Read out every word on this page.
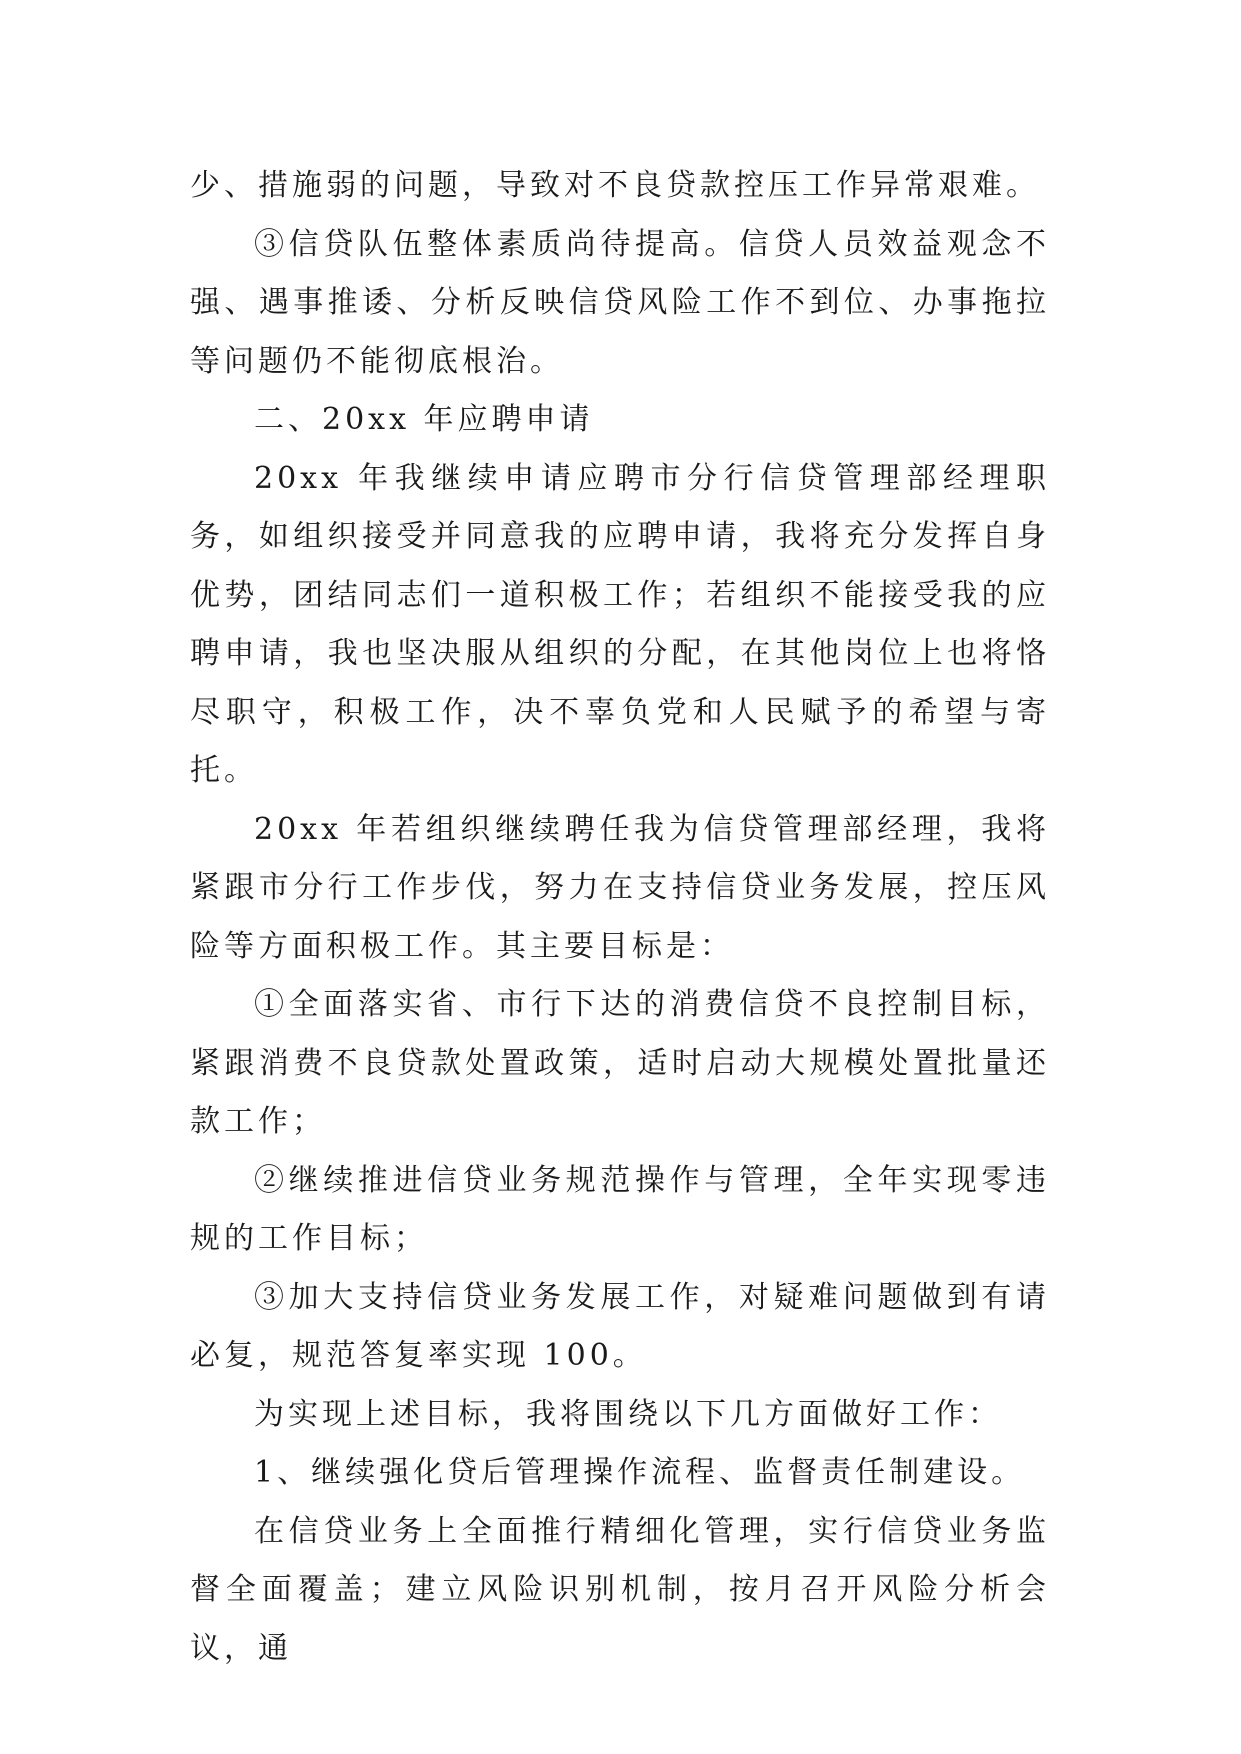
少、措施弱的问题，导致对不良贷款控压工作异常艰难。

③信贷队伍整体素质尚待提高。信贷人员效益观念不强、遇事推诿、分析反映信贷风险工作不到位、办事拖拉等问题仍不能彻底根治。

二、20xx 年应聘申请

20xx 年我继续申请应聘市分行信贷管理部经理职务，如组织接受并同意我的应聘申请，我将充分发挥自身优势，团结同志们一道积极工作；若组织不能接受我的应聘申请，我也坚决服从组织的分配，在其他岗位上也将恪尽职守，积极工作，决不辜负党和人民赋予的希望与寄托。

20xx 年若组织继续聘任我为信贷管理部经理，我将紧跟市分行工作步伐，努力在支持信贷业务发展，控压风险等方面积极工作。其主要目标是：

①全面落实省、市行下达的消费信贷不良控制目标，紧跟消费不良贷款处置政策，适时启动大规模处置批量还款工作；

②继续推进信贷业务规范操作与管理，全年实现零违规的工作目标；

③加大支持信贷业务发展工作，对疑难问题做到有请必复，规范答复率实现 100。

为实现上述目标，我将围绕以下几方面做好工作：

1、继续强化贷后管理操作流程、监督责任制建设。

在信贷业务上全面推行精细化管理，实行信贷业务监督全面覆盖；建立风险识别机制，按月召开风险分析会议，通
